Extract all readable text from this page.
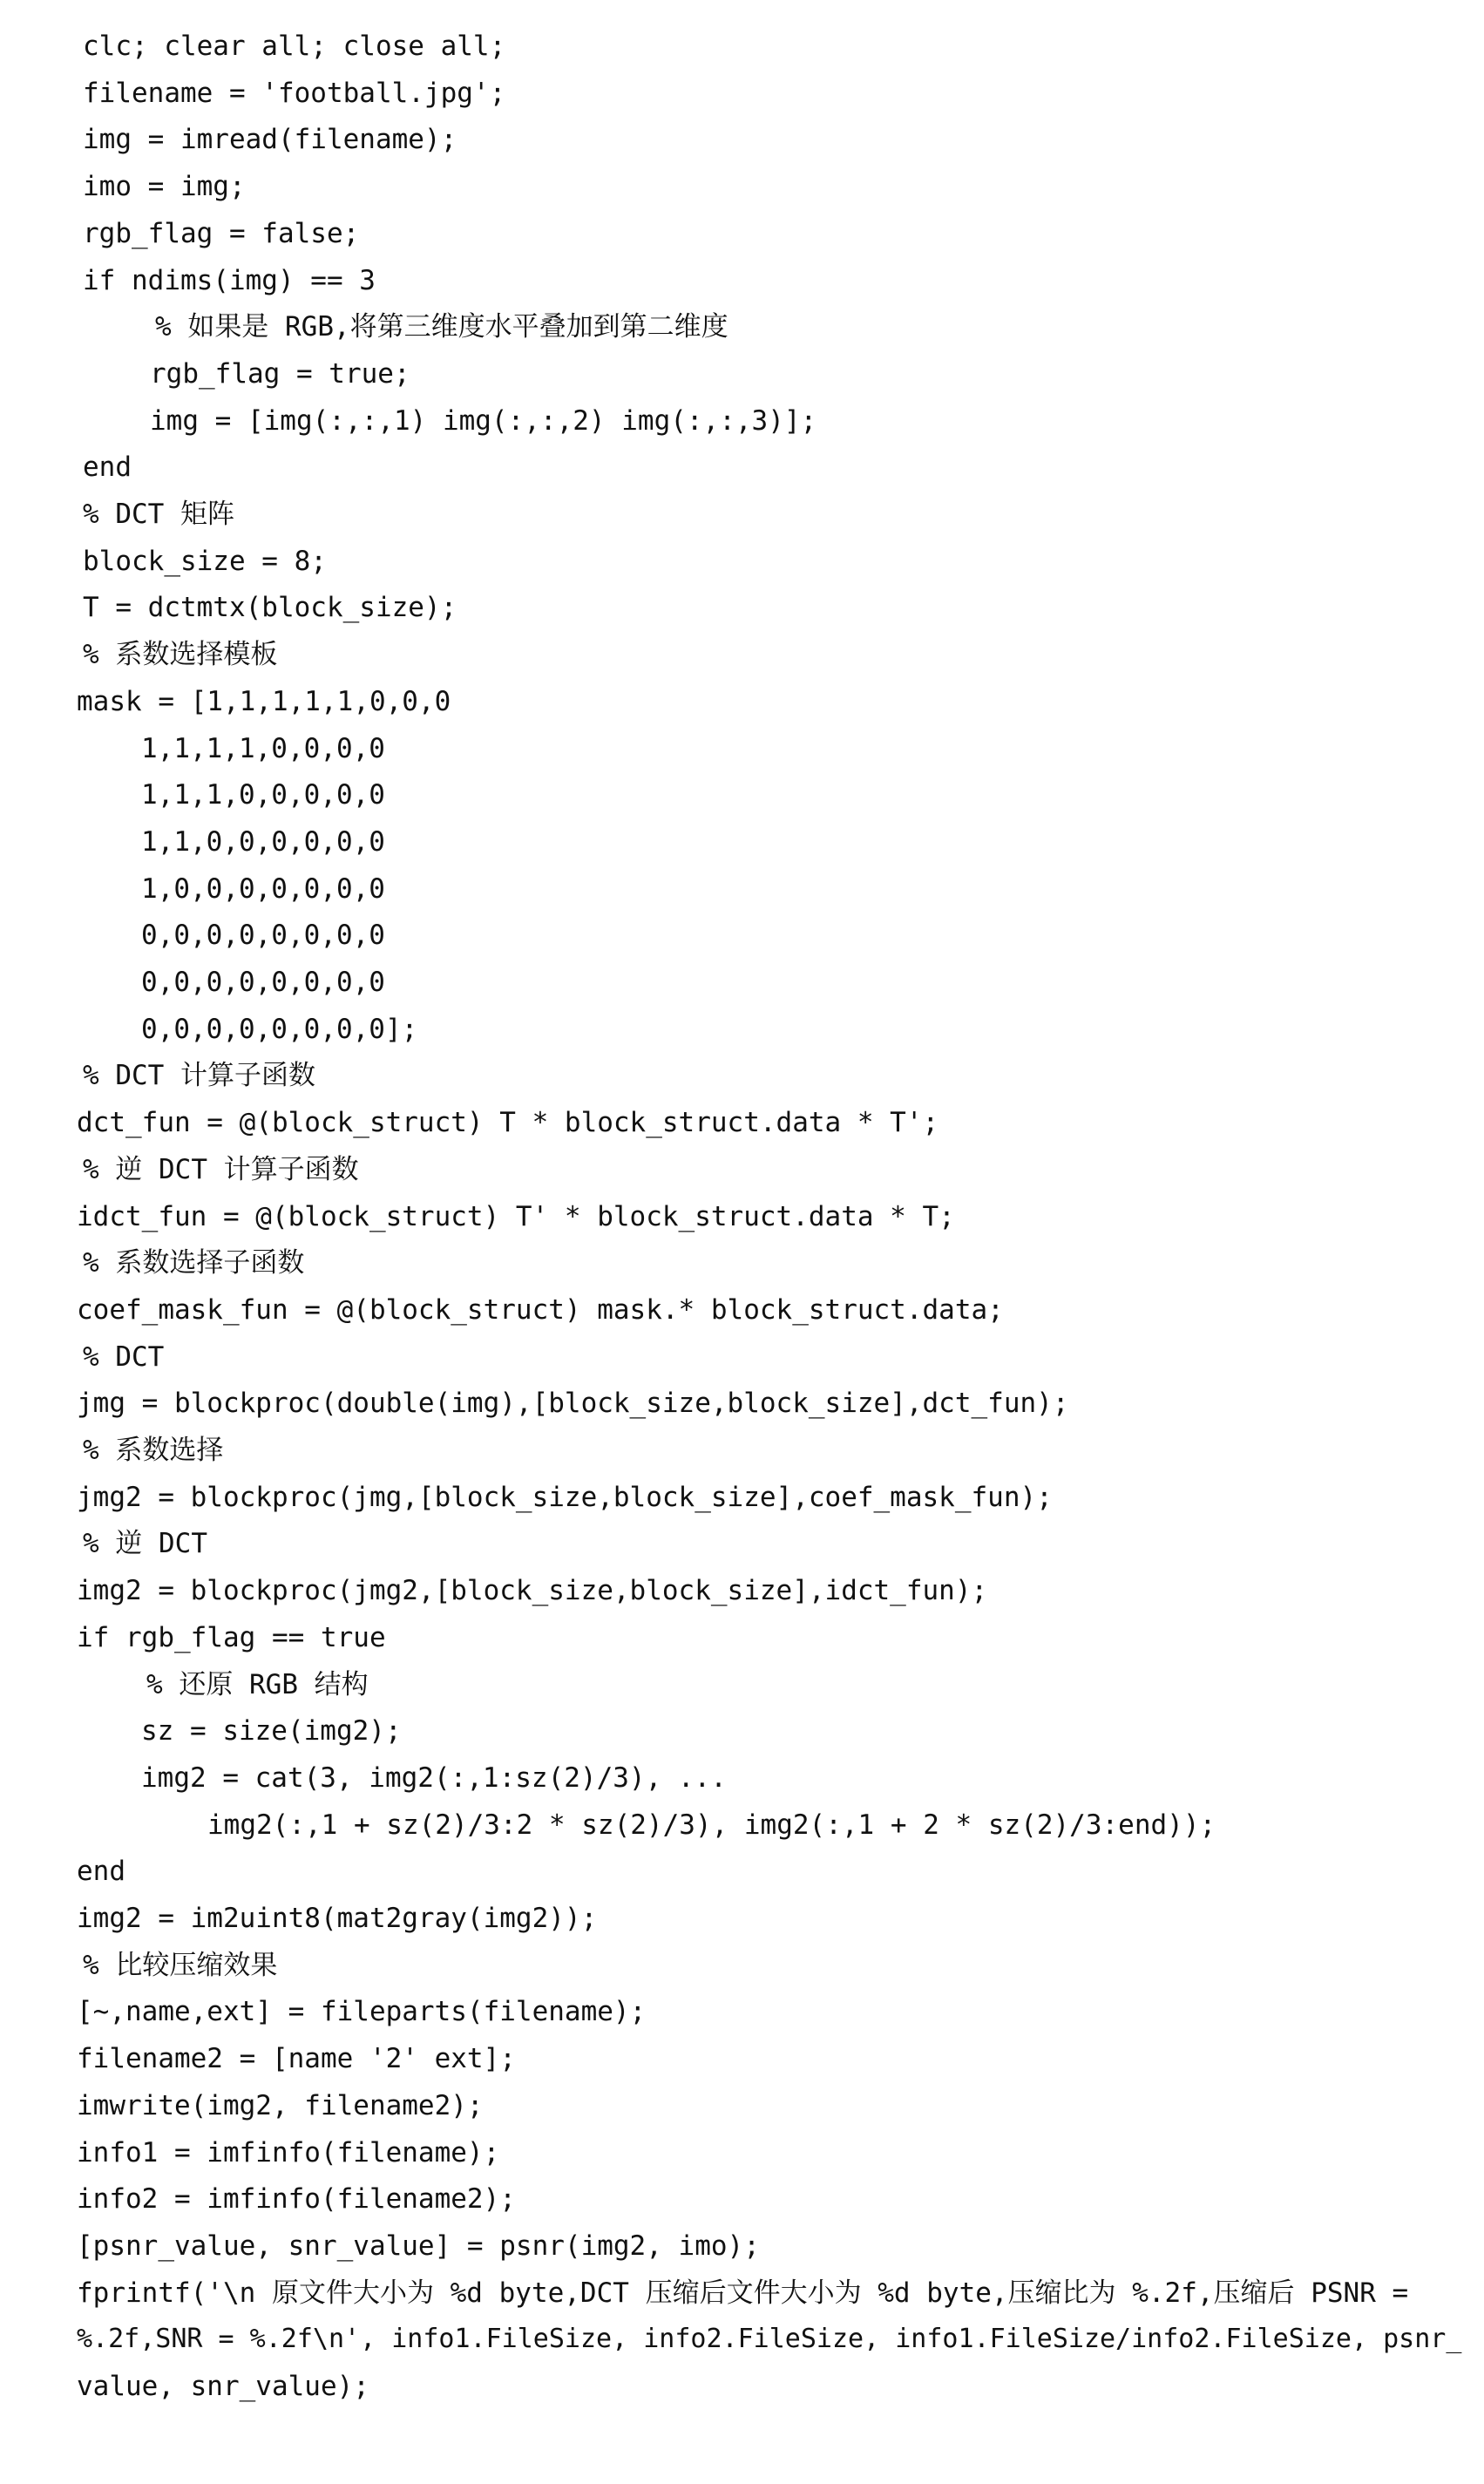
clc; clear all; close all;
filename = 'football.jpg';
img = imread(filename);
imo = img;
rgb_flag = false;
if ndims(img) == 3
% 如果是 RGB,将第三维度水平叠加到第二维度
rgb_flag = true;
img = [img(:,:,1) img(:,:,2) img(:,:,3)];
end
% DCT 矩阵
block_size = 8;
T = dctmtx(block_size);
% 系数选择模板
mask = [1,1,1,1,1,0,0,0
1,1,1,1,0,0,0,0
1,1,1,0,0,0,0,0
1,1,0,0,0,0,0,0
1,0,0,0,0,0,0,0
0,0,0,0,0,0,0,0
0,0,0,0,0,0,0,0
0,0,0,0,0,0,0,0];
% DCT 计算子函数
dct_fun = @(block_struct) T * block_struct.data * T';
% 逆 DCT 计算子函数
idct_fun = @(block_struct) T' * block_struct.data * T;
% 系数选择子函数
coef_mask_fun = @(block_struct) mask.* block_struct.data;
% DCT
jmg = blockproc(double(img),[block_size,block_size],dct_fun);
% 系数选择
jmg2 = blockproc(jmg,[block_size,block_size],coef_mask_fun);
% 逆 DCT
img2 = blockproc(jmg2,[block_size,block_size],idct_fun);
if rgb_flag == true
% 还原 RGB 结构
sz = size(img2);
img2 = cat(3, img2(:,1:sz(2)/3), ...
img2(:,1 + sz(2)/3:2 * sz(2)/3), img2(:,1 + 2 * sz(2)/3:end));
end
img2 = im2uint8(mat2gray(img2));
% 比较压缩效果
[~,name,ext] = fileparts(filename);
filename2 = [name '2' ext];
imwrite(img2, filename2);
info1 = imfinfo(filename);
info2 = imfinfo(filename2);
[psnr_value, snr_value] = psnr(img2, imo);
fprintf('\n 原文件大小为 %d byte,DCT 压缩后文件大小为 %d byte,压缩比为 %.2f,压缩后 PSNR =
%.2f,SNR = %.2f\n', info1.FileSize, info2.FileSize, info1.FileSize/info2.FileSize, psnr_
value, snr_value);
